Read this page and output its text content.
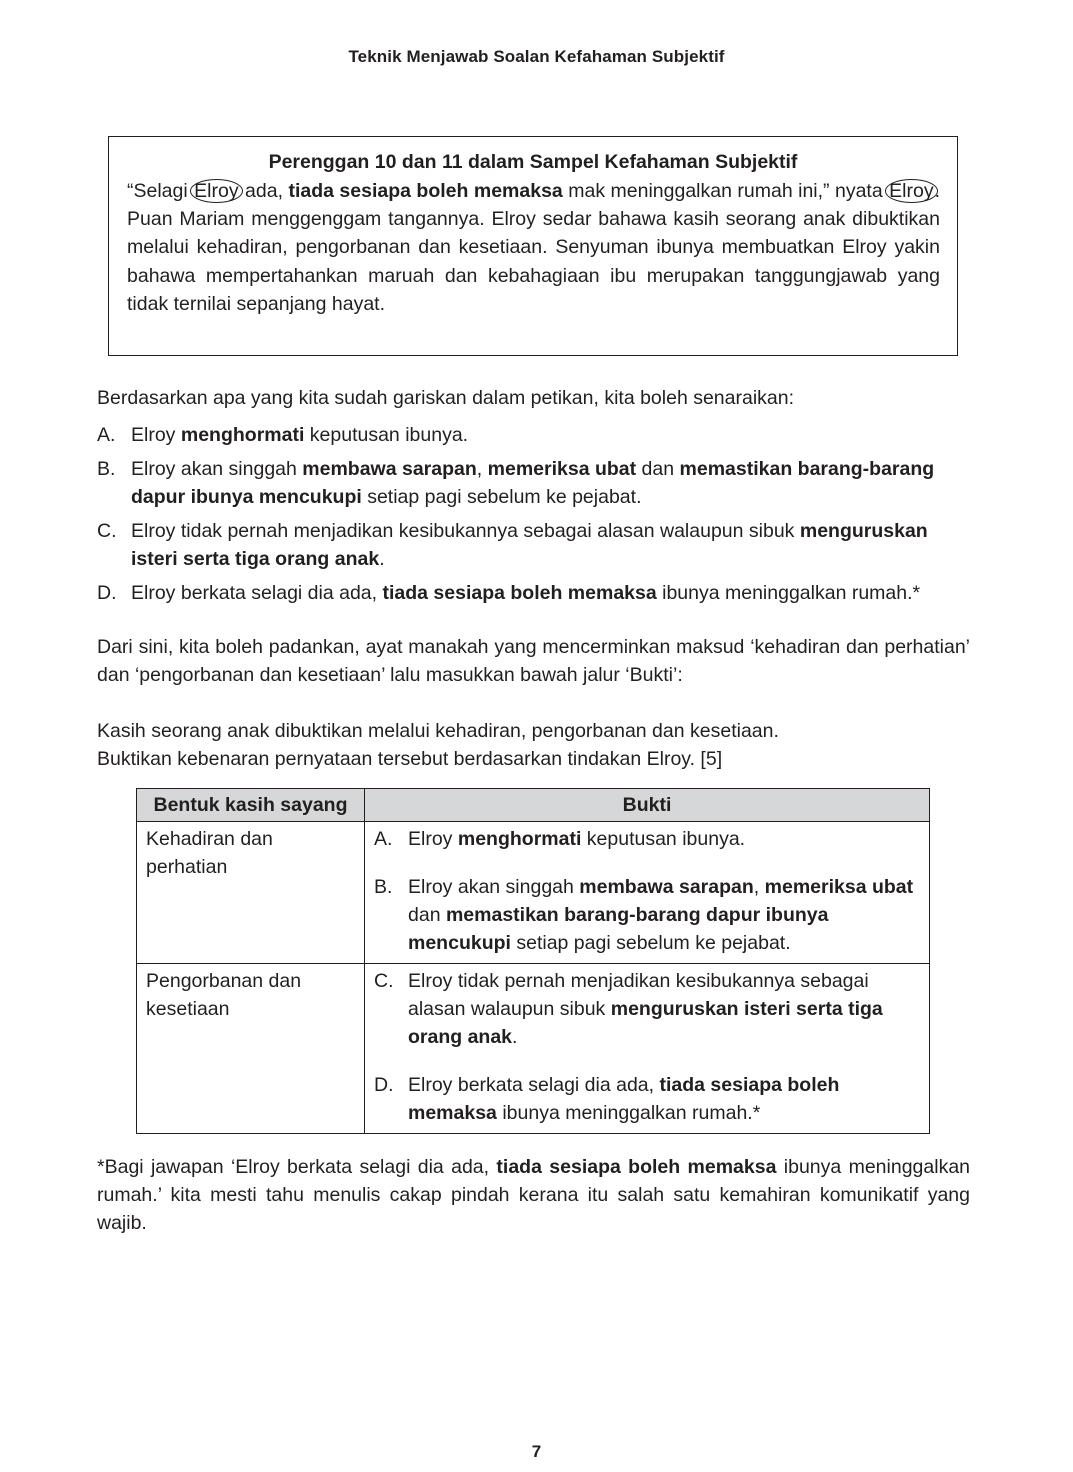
Teknik Menjawab Soalan Kefahaman Subjektif
Perenggan 10 dan 11 dalam Sampel Kefahaman Subjektif
“Selagi Elroy ada, tiada sesiapa boleh memaksa mak meninggalkan rumah ini,” nyata Elroy. Puan Mariam menggenggam tangannya. Elroy sedar bahawa kasih seorang anak dibuktikan melalui kehadiran, pengorbanan dan kesetiaan. Senyuman ibunya membuatkan Elroy yakin bahawa mempertahankan maruah dan kebahagiaan ibu merupakan tanggungjawab yang tidak ternilai sepanjang hayat.
Berdasarkan apa yang kita sudah gariskan dalam petikan, kita boleh senaraikan:
A. Elroy menghormati keputusan ibunya.
B. Elroy akan singgah membawa sarapan, memeriksa ubat dan memastikan barang-barang dapur ibunya mencukupi setiap pagi sebelum ke pejabat.
C. Elroy tidak pernah menjadikan kesibukannya sebagai alasan walaupun sibuk menguruskan isteri serta tiga orang anak.
D. Elroy berkata selagi dia ada, tiada sesiapa boleh memaksa ibunya meninggalkan rumah.*
Dari sini, kita boleh padankan, ayat manakah yang mencerminkan maksud ‘kehadiran dan perhatian’ dan ‘pengorbanan dan kesetiaan’ lalu masukkan bawah jalur ‘Bukti’:
Kasih seorang anak dibuktikan melalui kehadiran, pengorbanan dan kesetiaan.
Buktikan kebenaran pernyataan tersebut berdasarkan tindakan Elroy. [5]
Bentuk kasih sayang	Bukti
Kehadiran dan perhatian	A. Elroy menghormati keputusan ibunya.
B. Elroy akan singgah membawa sarapan, memeriksa ubat dan memastikan barang-barang dapur ibunya mencukupi setiap pagi sebelum ke pejabat.

Pengorbanan dan kesetiaan	C. Elroy tidak pernah menjadikan kesibukannya sebagai alasan walaupun sibuk menguruskan isteri serta tiga orang anak.
D. Elroy berkata selagi dia ada, tiada sesiapa boleh memaksa ibunya meninggalkan rumah.*
*Bagi jawapan ‘Elroy berkata selagi dia ada, tiada sesiapa boleh memaksa ibunya meninggalkan rumah.’ kita mesti tahu menulis cakap pindah kerana itu salah satu kemahiran komunikatif yang wajib.
7
